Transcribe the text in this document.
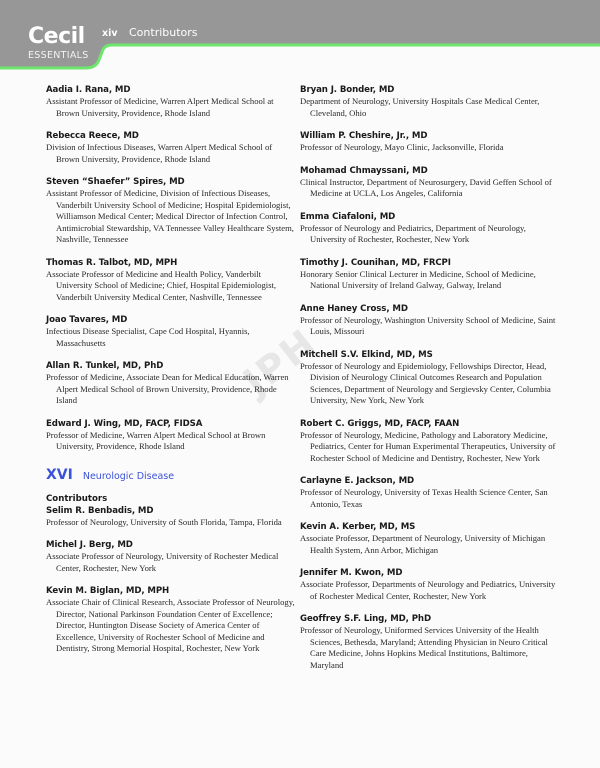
Cecil
ESSENTIALS
xiv Contributors
JPH
Aadia I. Rana, MD
Assistant Professor of Medicine, Warren Alpert Medical School at Brown University, Providence, Rhode Island
Rebecca Reece, MD
Division of Infectious Diseases, Warren Alpert Medical School of Brown University, Providence, Rhode Island
Steven “Shaefer” Spires, MD
Assistant Professor of Medicine, Division of Infectious Diseases, Vanderbilt University School of Medicine; Hospital Epidemiologist, Williamson Medical Center; Medical Director of Infection Control, Antimicrobial Stewardship, VA Tennessee Valley Healthcare System, Nashville, Tennessee
Thomas R. Talbot, MD, MPH
Associate Professor of Medicine and Health Policy, Vanderbilt University School of Medicine; Chief, Hospital Epidemiologist, Vanderbilt University Medical Center, Nashville, Tennessee
Joao Tavares, MD
Infectious Disease Specialist, Cape Cod Hospital, Hyannis, Massachusetts
Allan R. Tunkel, MD, PhD
Professor of Medicine, Associate Dean for Medical Education, Warren Alpert Medical School of Brown University, Providence, Rhode Island
Edward J. Wing, MD, FACP, FIDSA
Professor of Medicine, Warren Alpert Medical School at Brown University, Providence, Rhode Island
XVI Neurologic Disease
Contributors
Selim R. Benbadis, MD
Professor of Neurology, University of South Florida, Tampa, Florida
Michel J. Berg, MD
Associate Professor of Neurology, University of Rochester Medical Center, Rochester, New York
Kevin M. Biglan, MD, MPH
Associate Chair of Clinical Research, Associate Professor of Neurology, Director, National Parkinson Foundation Center of Excellence; Director, Huntington Disease Society of America Center of Excellence, University of Rochester School of Medicine and Dentistry, Strong Memorial Hospital, Rochester, New York
Bryan J. Bonder, MD
Department of Neurology, University Hospitals Case Medical Center, Cleveland, Ohio
William P. Cheshire, Jr., MD
Professor of Neurology, Mayo Clinic, Jacksonville, Florida
Mohamad Chmayssani, MD
Clinical Instructor, Department of Neurosurgery, David Geffen School of Medicine at UCLA, Los Angeles, California
Emma Ciafaloni, MD
Professor of Neurology and Pediatrics, Department of Neurology, University of Rochester, Rochester, New York
Timothy J. Counihan, MD, FRCPI
Honorary Senior Clinical Lecturer in Medicine, School of Medicine, National University of Ireland Galway, Galway, Ireland
Anne Haney Cross, MD
Professor of Neurology, Washington University School of Medicine, Saint Louis, Missouri
Mitchell S.V. Elkind, MD, MS
Professor of Neurology and Epidemiology, Fellowships Director, Head, Division of Neurology Clinical Outcomes Research and Population Sciences, Department of Neurology and Sergievsky Center, Columbia University, New York, New York
Robert C. Griggs, MD, FACP, FAAN
Professor of Neurology, Medicine, Pathology and Laboratory Medicine, Pediatrics, Center for Human Experimental Therapeutics, University of Rochester School of Medicine and Dentistry, Rochester, New York
Carlayne E. Jackson, MD
Professor of Neurology, University of Texas Health Science Center, San Antonio, Texas
Kevin A. Kerber, MD, MS
Associate Professor, Department of Neurology, University of Michigan Health System, Ann Arbor, Michigan
Jennifer M. Kwon, MD
Associate Professor, Departments of Neurology and Pediatrics, University of Rochester Medical Center, Rochester, New York
Geoffrey S.F. Ling, MD, PhD
Professor of Neurology, Uniformed Services University of the Health Sciences, Bethesda, Maryland; Attending Physician in Neuro Critical Care Medicine, Johns Hopkins Medical Institutions, Baltimore, Maryland
